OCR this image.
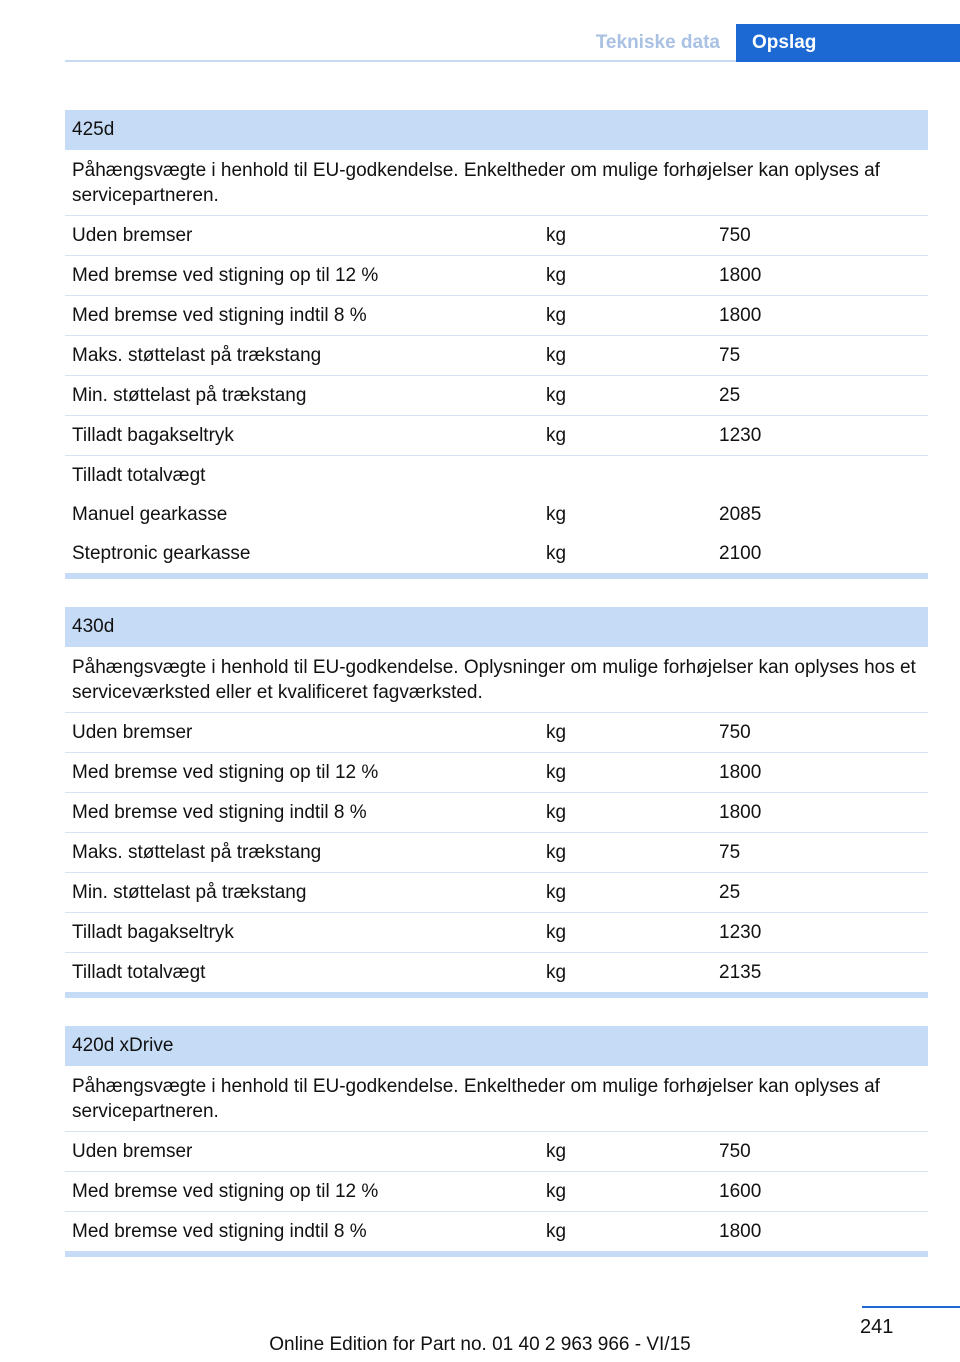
Tekniske data	Opslag
425d
Påhængsvægte i henhold til EU-godkendelse. Enkeltheder om mulige forhøjelser kan oplyses af servicepartneren.
Uden bremser	kg	750
Med bremse ved stigning op til 12 %	kg	1800
Med bremse ved stigning indtil 8 %	kg	1800
Maks. støttelast på trækstang	kg	75
Min. støttelast på trækstang	kg	25
Tilladt bagakseltryk	kg	1230
Tilladt totalvægt
Manuel gearkasse	kg	2085
Steptronic gearkasse	kg	2100
430d
Påhængsvægte i henhold til EU-godkendelse. Oplysninger om mulige forhøjelser kan oplyses hos et serviceværksted eller et kvalificeret fagværksted.
Uden bremser	kg	750
Med bremse ved stigning op til 12 %	kg	1800
Med bremse ved stigning indtil 8 %	kg	1800
Maks. støttelast på trækstang	kg	75
Min. støttelast på trækstang	kg	25
Tilladt bagakseltryk	kg	1230
Tilladt totalvægt	kg	2135
420d xDrive
Påhængsvægte i henhold til EU-godkendelse. Enkeltheder om mulige forhøjelser kan oplyses af servicepartneren.
Uden bremser	kg	750
Med bremse ved stigning op til 12 %	kg	1600
Med bremse ved stigning indtil 8 %	kg	1800
241
Online Edition for Part no. 01 40 2 963 966 - VI/15
